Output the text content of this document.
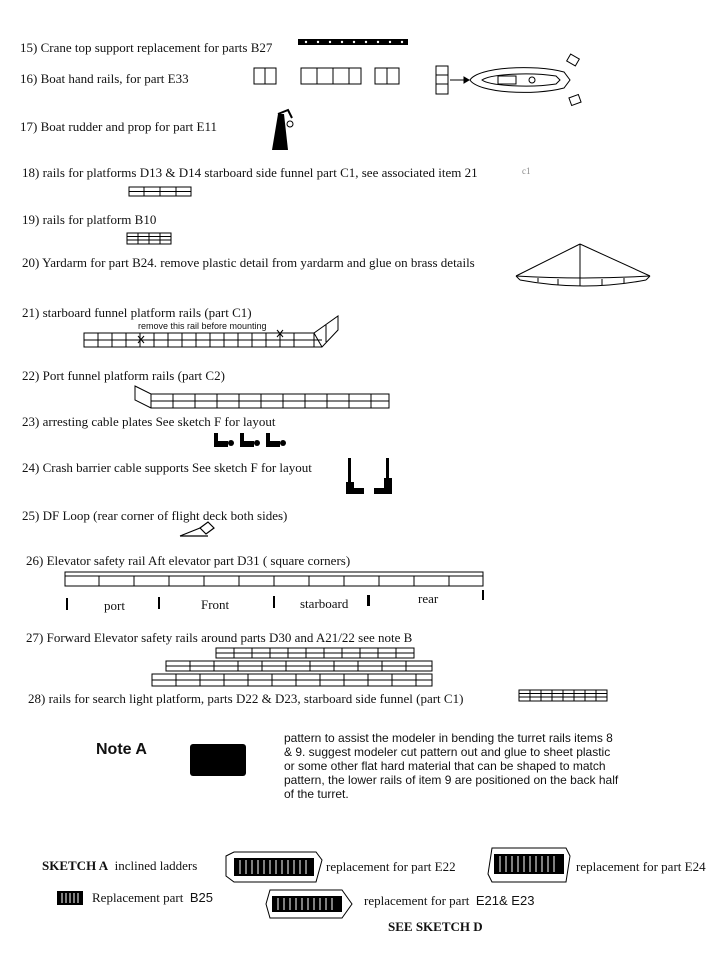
15) Crane top support replacement for parts B27
16) Boat hand rails, for part E33
17) Boat rudder and prop for part E11
18) rails for platforms D13 & D14 starboard side funnel part C1, see associated item 21	c1
19) rails for platform B10
20) Yardarm for part B24. remove plastic detail from yardarm and glue on brass details
21) starboard funnel platform rails (part C1)
remove this rail before mounting
22) Port funnel platform rails (part C2)
23) arresting cable plates See sketch F for layout
24) Crash barrier cable supports See sketch F for layout
25) DF Loop (rear corner of flight deck both sides)
26) Elevator safety rail Aft elevator part D31 ( square corners)
27) Forward Elevator safety rails around parts D30 and A21/22 see note B
28) rails for search light platform, parts D22 & D23, starboard side funnel (part C1)
port	Front	starboard	rear
Note A
pattern to assist the modeler in bending the turret rails items 8 & 9. suggest modeler cut pattern out and glue to sheet plastic or some other flat hard material that can be shaped to match pattern, the lower rails of item 9 are positioned on the back half of the turret.
SKETCH A inclined ladders	replacement for part E22	replacement for part E24
Replacement part B25	replacement for part E21& E23
SEE SKETCH D
